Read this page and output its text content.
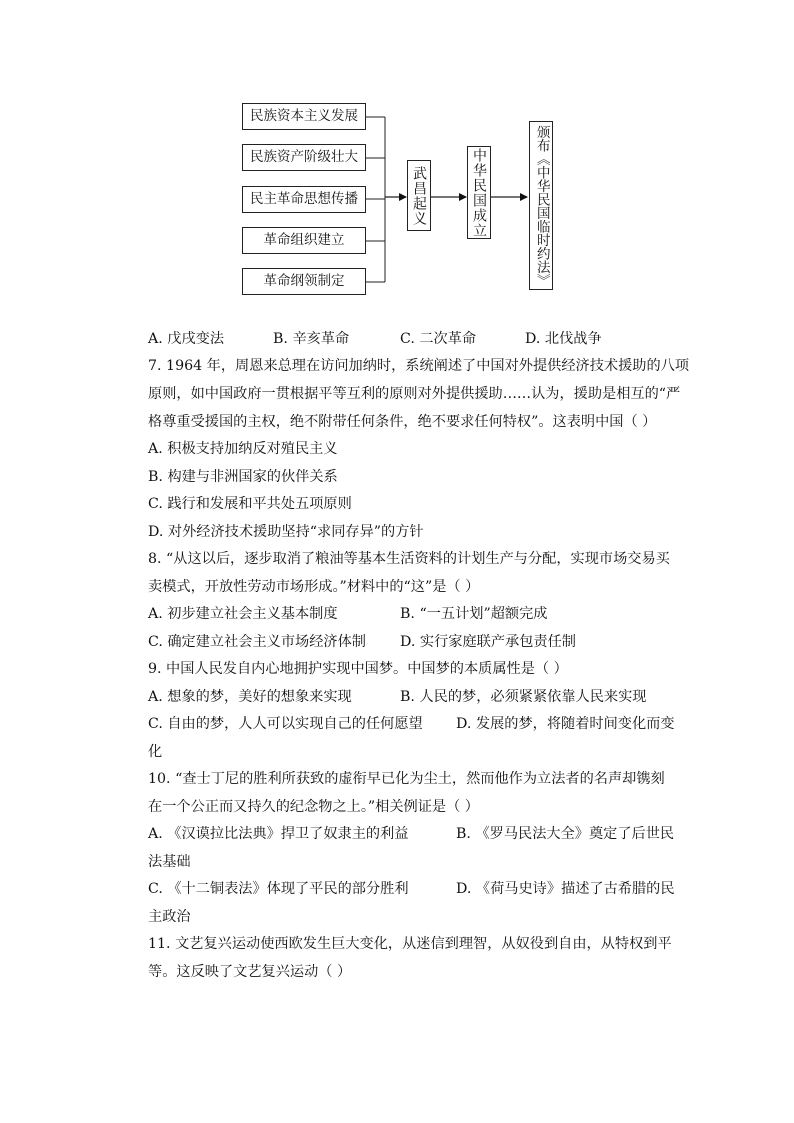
民族资本主义发展
民族资产阶级壮大
民主革命思想传播
革命组织建立
革命纲领制定
武昌起义	中华民国成立	颁布《中华民国临时约法》
A. 戊戌变法	B. 辛亥革命	C. 二次革命	D. 北伐战争
7. 1964 年，周恩来总理在访问加纳时，系统阐述了中国对外提供经济技术援助的八项
原则，如中国政府一贯根据平等互利的原则对外提供援助……认为，援助是相互的“严
格尊重受援国的主权，绝不附带任何条件，绝不要求任何特权”。这表明中国（ ）
A. 积极支持加纳反对殖民主义
B. 构建与非洲国家的伙伴关系
C. 践行和发展和平共处五项原则
D. 对外经济技术援助坚持“求同存异”的方针
8. “从这以后，逐步取消了粮油等基本生活资料的计划生产与分配，实现市场交易买
卖模式，开放性劳动市场形成。”材料中的“这”是（ ）
A. 初步建立社会主义基本制度	B. “一五计划”超额完成
C. 确定建立社会主义市场经济体制 D. 实行家庭联产承包责任制
9. 中国人民发自内心地拥护实现中国梦。中国梦的本质属性是（ ）
A. 想象的梦，美好的想象来实现	B. 人民的梦，必须紧紧依靠人民来实现
C. 自由的梦，人人可以实现自己的任何愿望 D. 发展的梦，将随着时间变化而变
化
10. “查士丁尼的胜利所获致的虚衔早已化为尘土，然而他作为立法者的名声却镌刻
在一个公正而又持久的纪念物之上。”相关例证是（ ）
A. 《汉谟拉比法典》捍卫了奴隶主的利益	B. 《罗马民法大全》奠定了后世民
法基础
C. 《十二铜表法》体现了平民的部分胜利	D. 《荷马史诗》描述了古希腊的民
主政治
11. 文艺复兴运动使西欧发生巨大变化，从迷信到理智，从奴役到自由，从特权到平
等。这反映了文艺复兴运动（ ）
